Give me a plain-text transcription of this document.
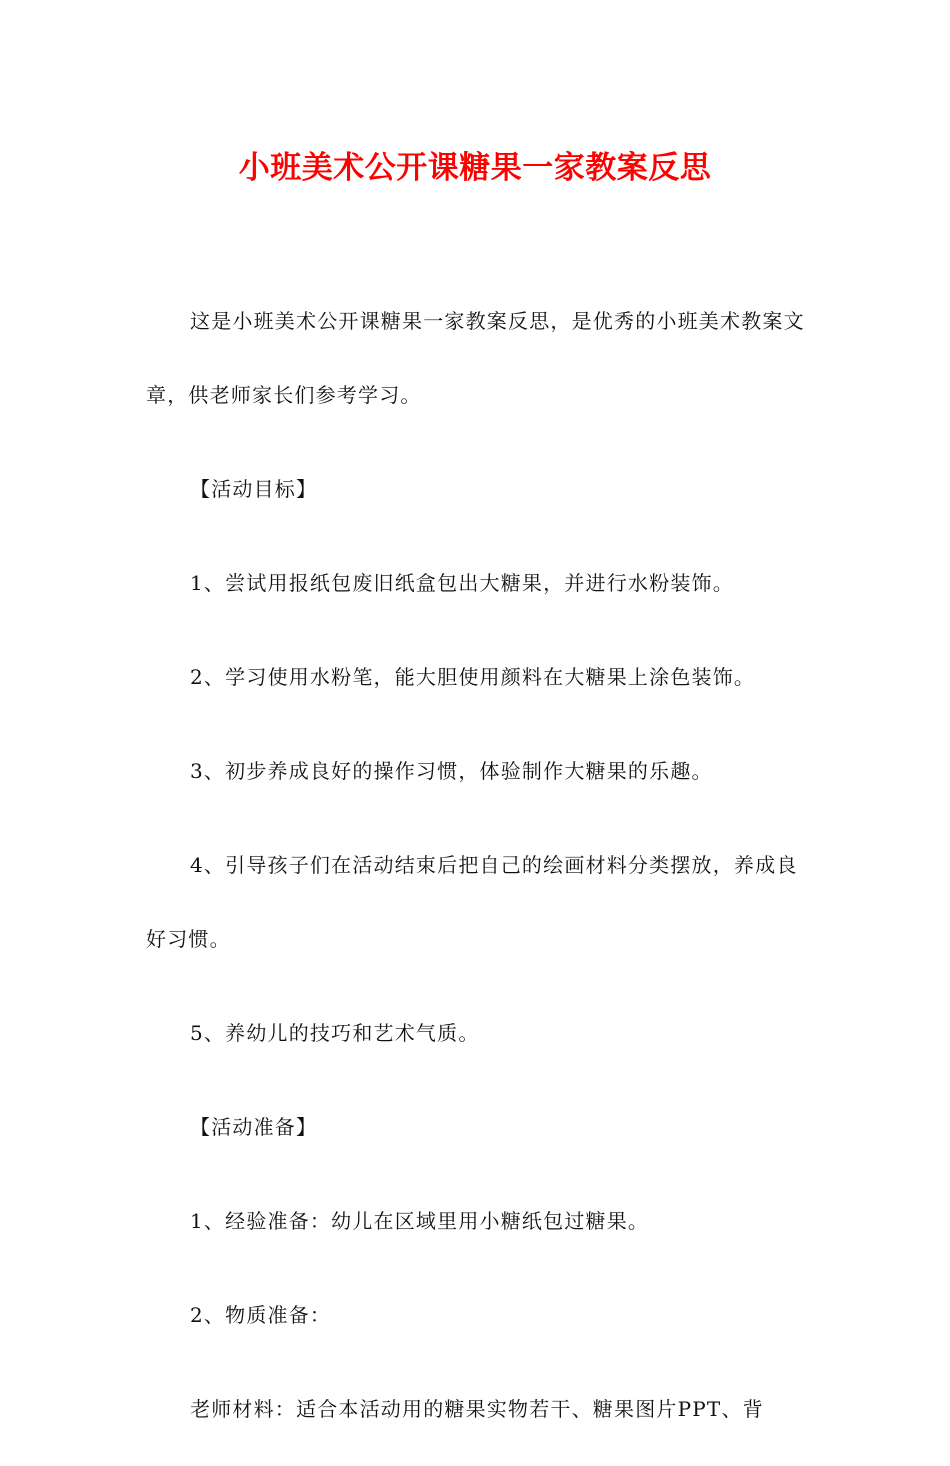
小班美术公开课糖果一家教案反思

这是小班美术公开课糖果一家教案反思，是优秀的小班美术教案文章，供老师家长们参考学习。

【活动目标】

1、尝试用报纸包废旧纸盒包出大糖果，并进行水粉装饰。

2、学习使用水粉笔，能大胆使用颜料在大糖果上涂色装饰。

3、初步养成良好的操作习惯，体验制作大糖果的乐趣。

4、引导孩子们在活动结束后把自己的绘画材料分类摆放，养成良好习惯。

5、养幼儿的技巧和艺术气质。

【活动准备】

1、经验准备：幼儿在区域里用小糖纸包过糖果。

2、物质准备：

老师材料：适合本活动用的糖果实物若干、糖果图片PPT、背
